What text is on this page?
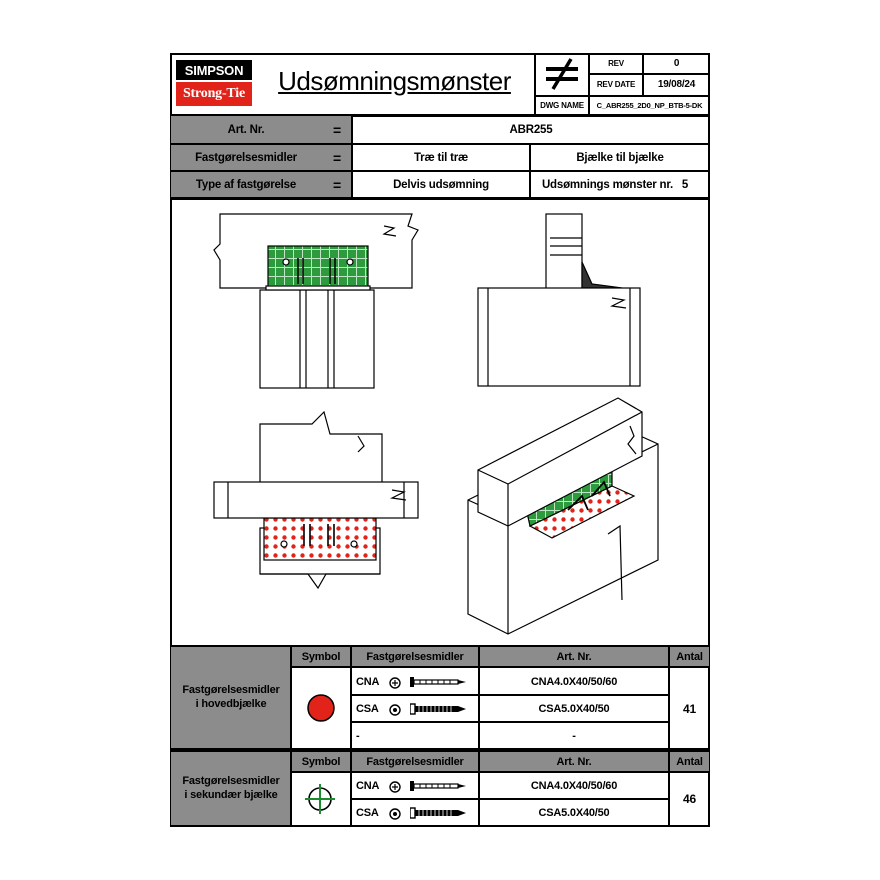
SIMPSON
Strong-Tie	Udsømningsmønster
REV	0
REV DATE	19/08/24
DWG NAME	C_ABR255_2D0_NP_BTB-5-DK
Art. Nr.	=	ABR255
Fastgørelsesmidler	=	Træ til træ	Bjælke til bjælke
Type af fastgørelse	=	Delvis udsømning	Udsømnings mønster nr. 5
Fastgørelsesmidler
i hovedbjælke
Symbol	Fastgørelsesmidler	Art. Nr.	Antal
CNA	CNA4.0X40/50/60
CSA	CSA5.0X40/50
-	-
41
Fastgørelsesmidler
i sekundær bjælke
Symbol	Fastgørelsesmidler	Art. Nr.	Antal
CNA	CNA4.0X40/50/60
CSA	CSA5.0X40/50
46
